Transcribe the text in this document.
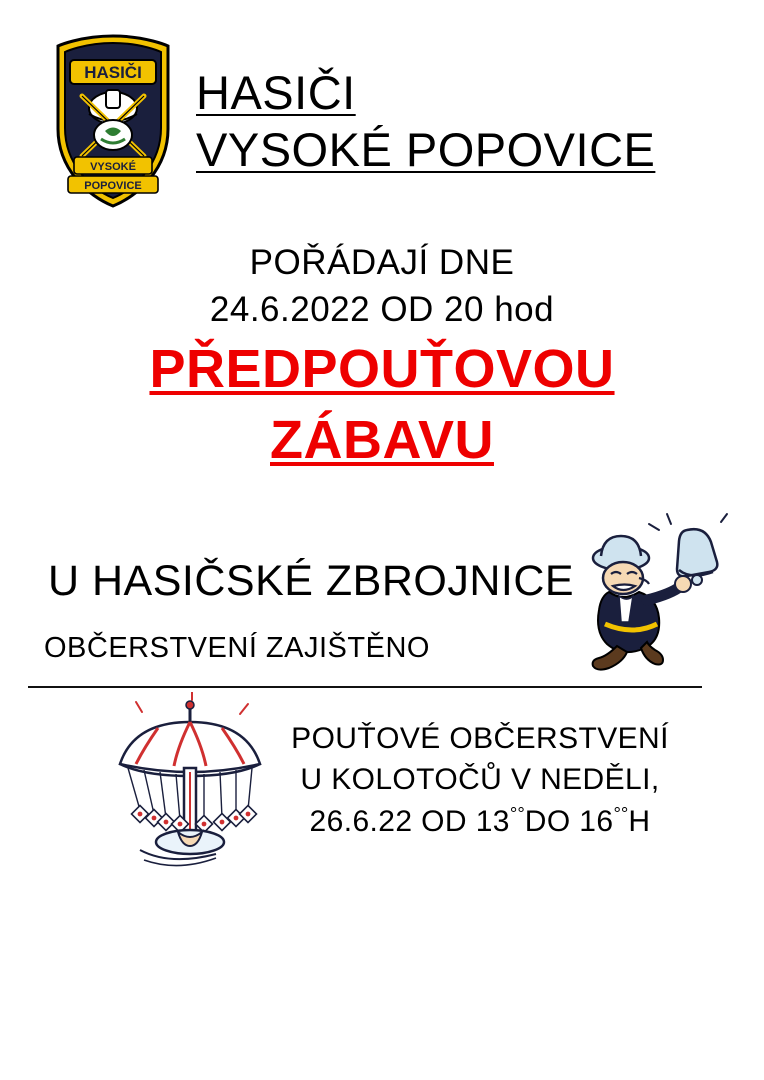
HASIČI
VYSOKÉ
POPOVICE
HASIČI
VYSOKÉ POPOVICE
POŘÁDAJÍ DNE
24.6.2022 OD 20 hod
PŘEDPOUŤOVOU
ZÁBAVU
U HASIČSKÉ ZBROJNICE
OBČERSTVENÍ ZAJIŠTĚNO
POUŤOVÉ OBČERSTVENÍ
U KOLOTOČŮ V NEDĚLI,
26.6.22 OD 13°°DO 16°°H
